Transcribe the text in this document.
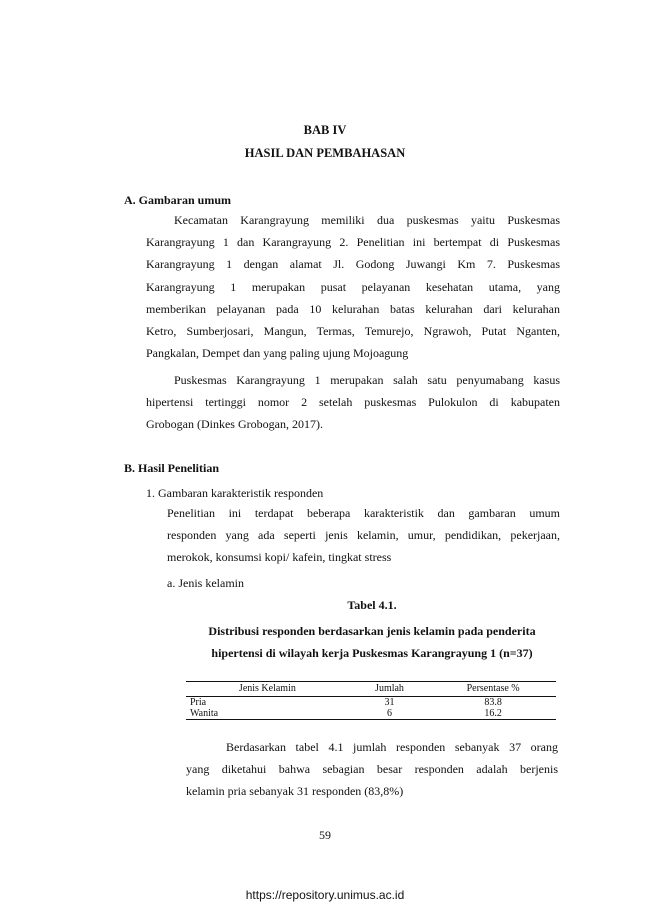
BAB IV
HASIL DAN PEMBAHASAN
A. Gambaran umum
Kecamatan Karangrayung memiliki dua puskesmas yaitu Puskesmas
Karangrayung 1 dan Karangrayung 2. Penelitian ini bertempat di Puskesmas
Karangrayung 1 dengan alamat Jl. Godong Juwangi Km 7. Puskesmas
Karangrayung 1 merupakan pusat pelayanan kesehatan utama, yang
memberikan pelayanan pada 10 kelurahan batas kelurahan dari kelurahan
Ketro, Sumberjosari, Mangun, Termas, Temurejo, Ngrawoh, Putat Nganten,
Pangkalan, Dempet dan yang paling ujung Mojoagung
Puskesmas Karangrayung 1 merupakan salah satu penyumabang kasus
hipertensi tertinggi nomor 2 setelah puskesmas Pulokulon di kabupaten
Grobogan (Dinkes Grobogan, 2017).
B. Hasil Penelitian
1. Gambaran karakteristik responden
Penelitian ini terdapat beberapa karakteristik dan gambaran umum
responden yang ada seperti jenis kelamin, umur, pendidikan, pekerjaan,
merokok, konsumsi kopi/ kafein, tingkat stress
a. Jenis kelamin
Tabel 4.1.
Distribusi responden berdasarkan jenis kelamin pada penderita
hipertensi di wilayah kerja Puskesmas Karangrayung 1 (n=37)
Jenis Kelamin	Jumlah	Persentase %
Pria	31	83.8
Wanita	6	16.2
Berdasarkan tabel 4.1 jumlah responden sebanyak 37 orang
yang diketahui bahwa sebagian besar responden adalah berjenis
kelamin pria sebanyak 31 responden (83,8%)
59
https://repository.unimus.ac.id
